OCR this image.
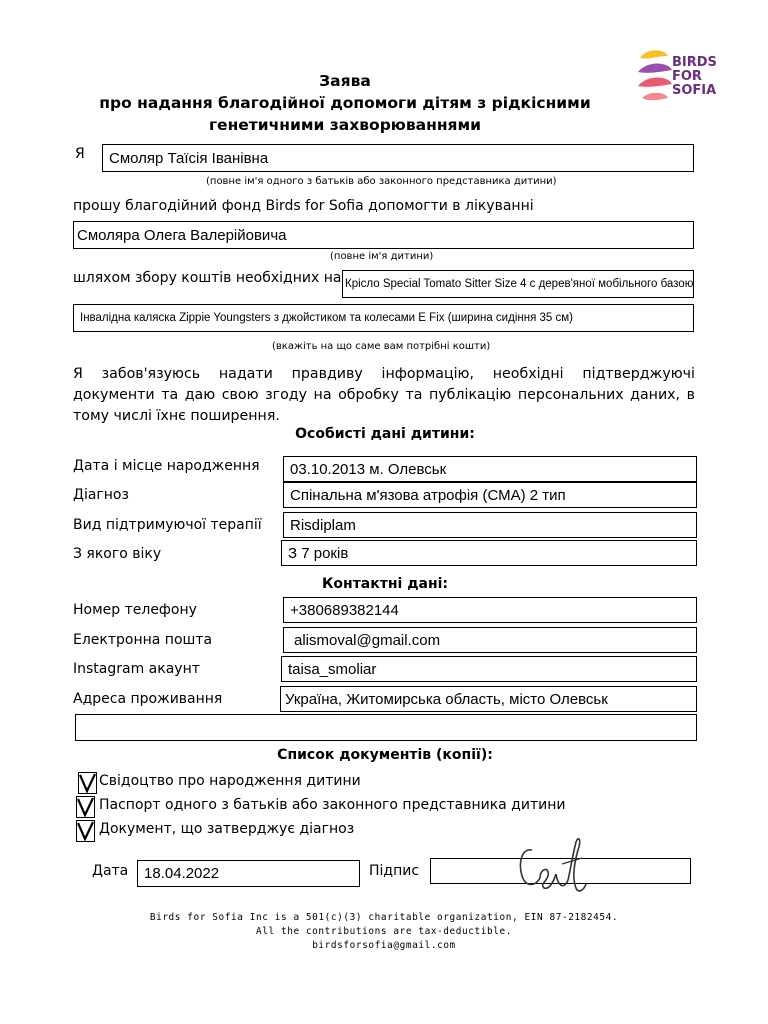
BIRDS
FOR
SOFIA
Заява
про надання благодійної допомоги дітям з рідкісними
генетичними захворюваннями
Я	Смоляр Таїсія Іванівна
(повне ім'я одного з батьків або законного представника дитини)
прошу благодійний фонд Birds for Sofia допомогти в лікуванні
Смоляра Олега Валерійовича
(повне ім'я дитини)
шляхом збору коштів необхідних на Крісло Special Tomato Sitter Size 4 с дерев'яної мобільного базою
Інвалідна каляска Zippie Youngsters з джойстиком та колесами E Fix (ширина сидіння 35 см)
(вкажіть на що саме вам потрібні кошти)
Я забов'язуюсь надати правдиву інформацію, необхідні підтверджуючі документи та даю свою згоду на обробку та публікацію персональних даних, в тому числі їхнє поширення.
Особисті дані дитини:
Дата і місце народження	03.10.2013 м. Олевськ
Діагноз	Спінальна м'язова атрофія (СМА) 2 тип
Вид підтримуючої терапії	Risdiplam
З якого віку	З 7 років
Контактні дані:
Номер телефону	+380689382144
Електронна пошта	alismoval@gmail.com
Instagram акаунт	taisa_smoliar
Адреса проживання	Україна, Житомирська область, місто Олевськ
Список документів (копії):
Свідоцтво про народження дитини
Паспорт одного з батьків або законного представника дитини
Документ, що затверджує діагноз
Дата	18.04.2022	Підпис
Birds for Sofia Inc is a 501(c)(3) charitable organization, EIN 87-2182454.
All the contributions are tax-deductible.
birdsforsofia@gmail.com
